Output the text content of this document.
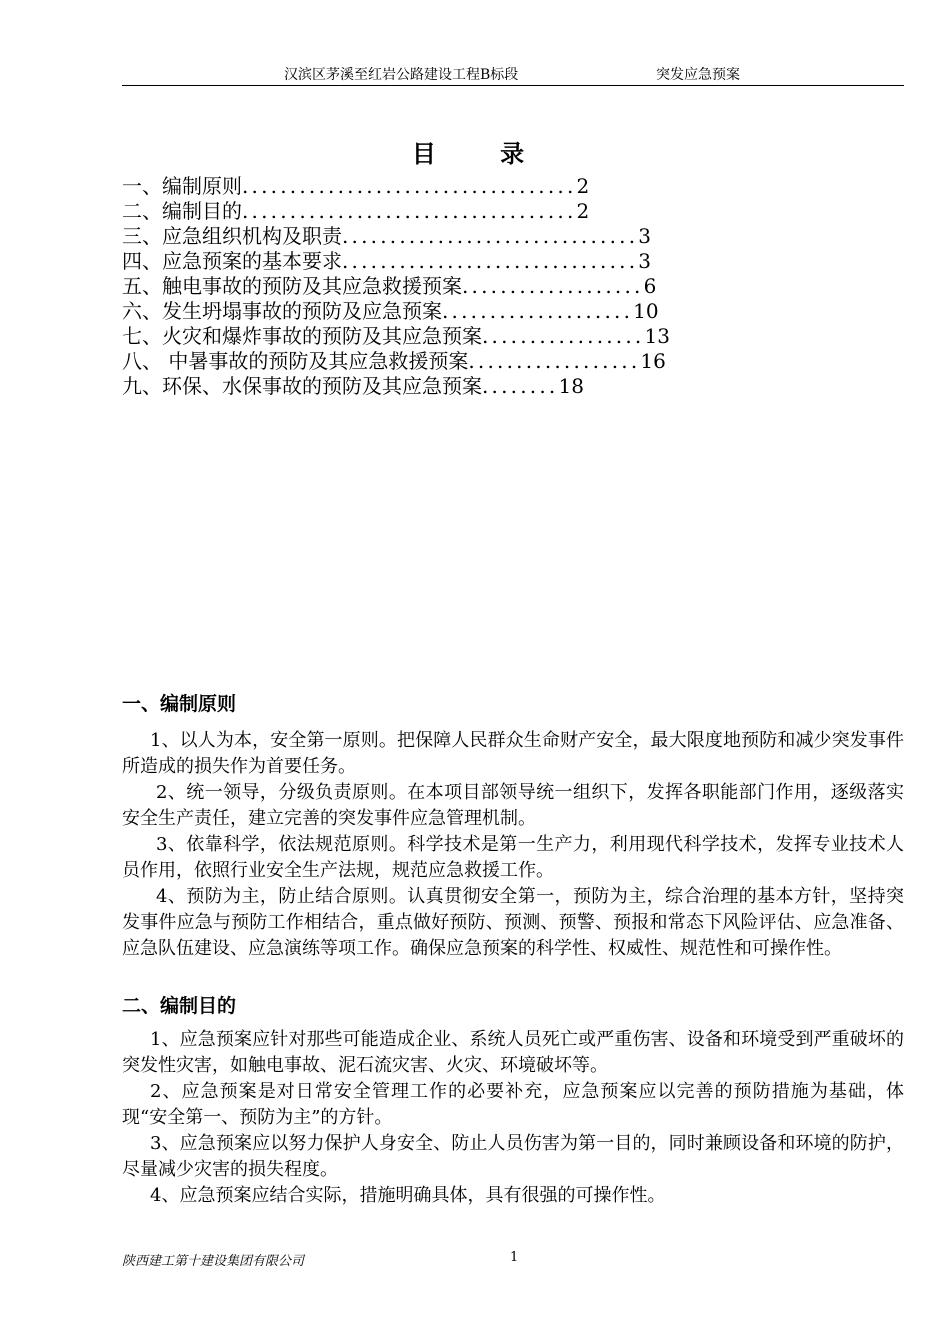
汉滨区茅溪至红岩公路建设工程B标段	突发应急预案
目 录
一、编制原则...................................2
二、编制目的...................................2
三、应急组织机构及职责...............................3
四、应急预案的基本要求...............................3
五、触电事故的预防及其应急救援预案...................6
六、发生坍塌事故的预防及应急预案....................10
七、火灾和爆炸事故的预防及其应急预案.................13
八、 中暑事故的预防及其应急救援预案..................16
九、环保、水保事故的预防及其应急预案........18
一、编制原则

1、以人为本，安全第一原则。把保障人民群众生命财产安全，最大限度地预防和减少突发事件所造成的损失作为首要任务。

2、统一领导，分级负责原则。在本项目部领导统一组织下，发挥各职能部门作用，逐级落实安全生产责任，建立完善的突发事件应急管理机制。

3、依靠科学，依法规范原则。科学技术是第一生产力，利用现代科学技术，发挥专业技术人员作用，依照行业安全生产法规，规范应急救援工作。

4、预防为主，防止结合原则。认真贯彻安全第一，预防为主，综合治理的基本方针，坚持突发事件应急与预防工作相结合，重点做好预防、预测、预警、预报和常态下风险评估、应急准备、应急队伍建设、应急演练等项工作。确保应急预案的科学性、权威性、规范性和可操作性。

二、编制目的

1、应急预案应针对那些可能造成企业、系统人员死亡或严重伤害、设备和环境受到严重破坏的突发性灾害，如触电事故、泥石流灾害、火灾、环境破坏等。

2、应急预案是对日常安全管理工作的必要补充，应急预案应以完善的预防措施为基础，体现“安全第一、预防为主”的方针。

3、应急预案应以努力保护人身安全、防止人员伤害为第一目的，同时兼顾设备和环境的防护，尽量减少灾害的损失程度。

4、应急预案应结合实际，措施明确具体，具有很强的可操作性。

陕西建工第十建设集团有限公司	1
